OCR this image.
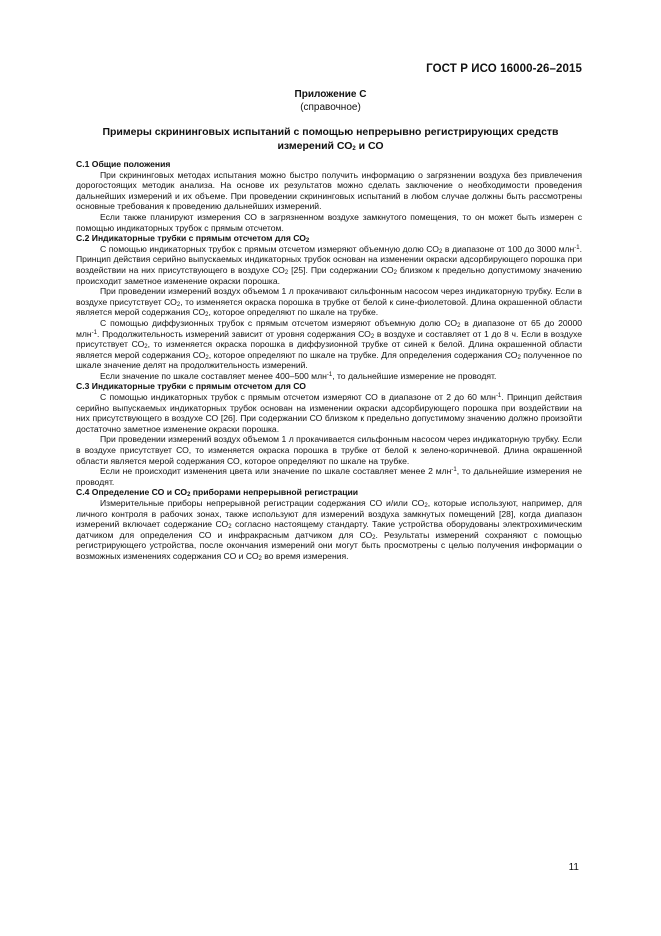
ГОСТ Р ИСО 16000-26–2015
Приложение С
(справочное)
Примеры скрининговых испытаний с помощью непрерывно регистрирующих средств
измерений $СО_2$ и СО
С.1 Общие положения

При скрининговых методах испытания можно быстро получить информацию о загрязнении воздуха без привлечения дорогостоящих методик анализа. На основе их результатов можно сделать заключение о необходимости проведения дальнейших измерений и их объеме. При проведении скрининговых испытаний в любом случае должны быть рассмотрены основные требования к проведению дальнейших измерений.

Если также планируют измерения СО в загрязненном воздухе замкнутого помещения, то он может быть измерен с помощью индикаторных трубок с прямым отсчетом.

С.2 Индикаторные трубки с прямым отсчетом для $СО_2$

С помощью индикаторных трубок с прямым отсчетом измеряют объемную долю $СО_2$ в диапазоне от 100 до 3000 млн$^{-1}$. Принцип действия серийно выпускаемых индикаторных трубок основан на изменении окраски адсорбирующего порошка при воздействии на них присутствующего в воздухе $СО_2$ [25]. При содержании $СО_2$ близком к предельно допустимому значению происходит заметное изменение окраски порошка.

При проведении измерений воздух объемом 1 л прокачивают сильфонным насосом через индикаторную трубку. Если в воздухе присутствует $СО_2$, то изменяется окраска порошка в трубке от белой к сине-фиолетовой. Длина окрашенной области является мерой содержания $СО_2$, которое определяют по шкале на трубке.

С помощью диффузионных трубок с прямым отсчетом измеряют объемную долю $СО_2$ в диапазоне от 65 до 20000 млн$^{-1}$. Продолжительность измерений зависит от уровня содержания $СО_2$ в воздухе и составляет от 1 до 8 ч. Если в воздухе присутствует $СО_2$, то изменяется окраска порошка в диффузионной трубке от синей к белой. Длина окрашенной области является мерой содержания $СО_2$, которое определяют по шкале на трубке. Для определения содержания $СО_2$ полученное по шкале значение делят на продолжительность измерений.

Если значение по шкале составляет менее 400–500 млн$^{-1}$, то дальнейшие измерение не проводят.

С.3 Индикаторные трубки с прямым отсчетом для СО

С помощью индикаторных трубок с прямым отсчетом измеряют СО в диапазоне от 2 до 60 млн$^{-1}$. Принцип действия серийно выпускаемых индикаторных трубок основан на изменении окраски адсорбирующего порошка при воздействии на них присутствующего в воздухе СО [26]. При содержании СО близком к предельно допустимому значению должно произойти достаточно заметное изменение окраски порошка.

При проведении измерений воздух объемом 1 л прокачивается сильфонным насосом через индикаторную трубку. Если в воздухе присутствует СО, то изменяется окраска порошка в трубке от белой к зелено-коричневой. Длина окрашенной области является мерой содержания СО, которое определяют по шкале на трубке.

Если не происходит изменения цвета или значение по шкале составляет менее 2 млн$^{-1}$, то дальнейшие измерения не проводят.

С.4 Определение СО и $СО_2$ приборами непрерывной регистрации

Измерительные приборы непрерывной регистрации содержания СО и/или $СО_2$, которые используют, например, для личного контроля в рабочих зонах, также используют для измерений воздуха замкнутых помещений [28], когда диапазон измерений включает содержание $СО_2$ согласно настоящему стандарту. Такие устройства оборудованы электрохимическим датчиком для определения СО и инфракрасным датчиком для $СО_2$. Результаты измерений сохраняют с помощью регистрирующего устройства, после окончания измерений они могут быть просмотрены с целью получения информации о возможных изменениях содержания СО и $СО_2$ во время измерения.

11
